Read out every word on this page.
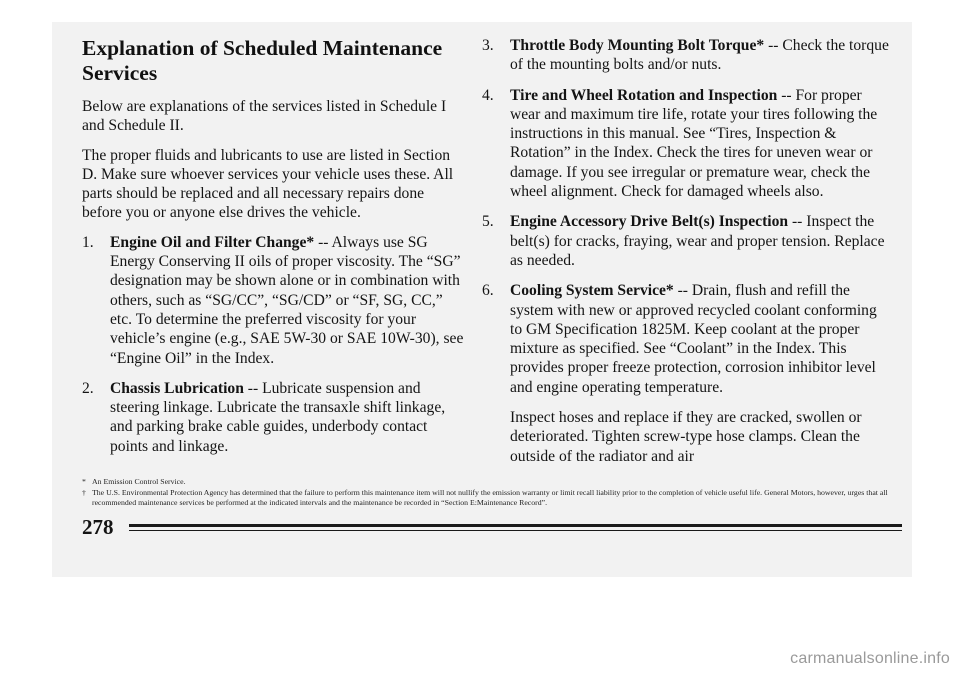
Explanation of Scheduled Maintenance Services

Below are explanations of the services listed in Schedule I and Schedule II.

The proper fluids and lubricants to use are listed in Section D. Make sure whoever services your vehicle uses these. All parts should be replaced and all necessary repairs done before you or anyone else drives the vehicle.

1.	Engine Oil and Filter Change* -- Always use SG Energy Conserving II oils of proper viscosity. The “SG” designation may be shown alone or in combination with others, such as “SG/CC”, “SG/CD” or “SF, SG, CC,” etc. To determine the preferred viscosity for your vehicle’s engine (e.g., SAE 5W-30 or SAE 10W-30), see “Engine Oil” in the Index.
2.	Chassis Lubrication -- Lubricate suspension and steering linkage. Lubricate the transaxle shift linkage, and parking brake cable guides, underbody contact points and linkage.
3.	Throttle Body Mounting Bolt Torque* -- Check the torque of the mounting bolts and/or nuts.
4.	Tire and Wheel Rotation and Inspection -- For proper wear and maximum tire life, rotate your tires following the instructions in this manual. See “Tires, Inspection & Rotation” in the Index. Check the tires for uneven wear or damage. If you see irregular or premature wear, check the wheel alignment. Check for damaged wheels also.
5.	Engine Accessory Drive Belt(s) Inspection -- Inspect the belt(s) for cracks, fraying, wear and proper tension. Replace as needed.
6.	Cooling System Service* -- Drain, flush and refill the system with new or approved recycled coolant conforming to GM Specification 1825M. Keep coolant at the proper mixture as specified. See “Coolant” in the Index. This provides proper freeze protection, corrosion inhibitor level and engine operating temperature.

Inspect hoses and replace if they are cracked, swollen or deteriorated. Tighten screw-type hose clamps. Clean the outside of the radiator and air

* An Emission Control Service.
† The U.S. Environmental Protection Agency has determined that the failure to perform this maintenance item will not nullify the emission warranty or limit recall liability prior to the completion of vehicle useful life. General Motors, however, urges that all recommended maintenance services be performed at the indicated intervals and the maintenance be recorded in “Section E:Maintenance Record”.
278
carmanualsonline.info
